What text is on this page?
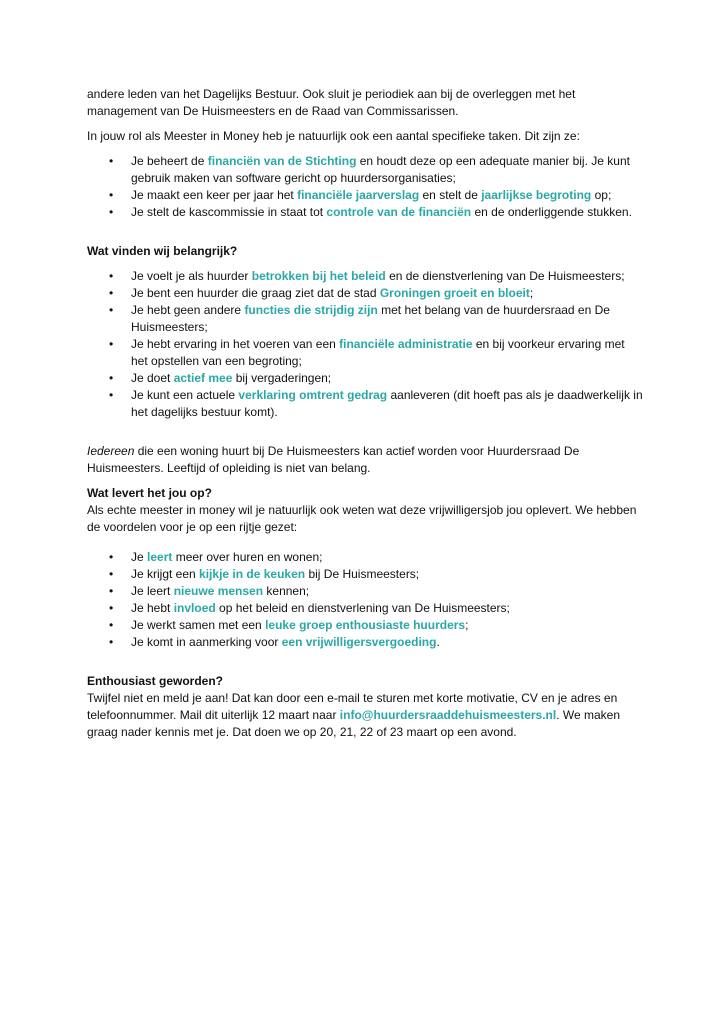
andere leden van het Dagelijks Bestuur. Ook sluit je periodiek aan bij de overleggen met het management van De Huismeesters en de Raad van Commissarissen.

In jouw rol als Meester in Money heb je natuurlijk ook een aantal specifieke taken. Dit zijn ze:

• Je beheert de financiën van de Stichting en houdt deze op een adequate manier bij. Je kunt gebruik maken van software gericht op huurdersorganisaties;
• Je maakt een keer per jaar het financiële jaarverslag en stelt de jaarlijkse begroting op;
• Je stelt de kascommissie in staat tot controle van de financiën en de onderliggende stukken.
Wat vinden wij belangrijk?
• Je voelt je als huurder betrokken bij het beleid en de dienstverlening van De Huismeesters;
• Je bent een huurder die graag ziet dat de stad Groningen groeit en bloeit;
• Je hebt geen andere functies die strijdig zijn met het belang van de huurdersraad en De Huismeesters;
• Je hebt ervaring in het voeren van een financiële administratie en bij voorkeur ervaring met het opstellen van een begroting;
• Je doet actief mee bij vergaderingen;
• Je kunt een actuele verklaring omtrent gedrag aanleveren (dit hoeft pas als je daadwerkelijk in het dagelijks bestuur komt).

Iedereen die een woning huurt bij De Huismeesters kan actief worden voor Huurdersraad De Huismeesters. Leeftijd of opleiding is niet van belang.

Wat levert het jou op?

Als echte meester in money wil je natuurlijk ook weten wat deze vrijwilligersjob jou oplevert. We hebben de voordelen voor je op een rijtje gezet:

• Je leert meer over huren en wonen;
• Je krijgt een kijkje in de keuken bij De Huismeesters;
• Je leert nieuwe mensen kennen;
• Je hebt invloed op het beleid en dienstverlening van De Huismeesters;
• Je werkt samen met een leuke groep enthousiaste huurders;
• Je komt in aanmerking voor een vrijwilligersvergoeding.
Enthousiast geworden?

Twijfel niet en meld je aan! Dat kan door een e-mail te sturen met korte motivatie, CV en je adres en telefoonnummer. Mail dit uiterlijk 12 maart naar info@huurdersraaddehuismeesters.nl. We maken graag nader kennis met je. Dat doen we op 20, 21, 22 of 23 maart op een avond.
